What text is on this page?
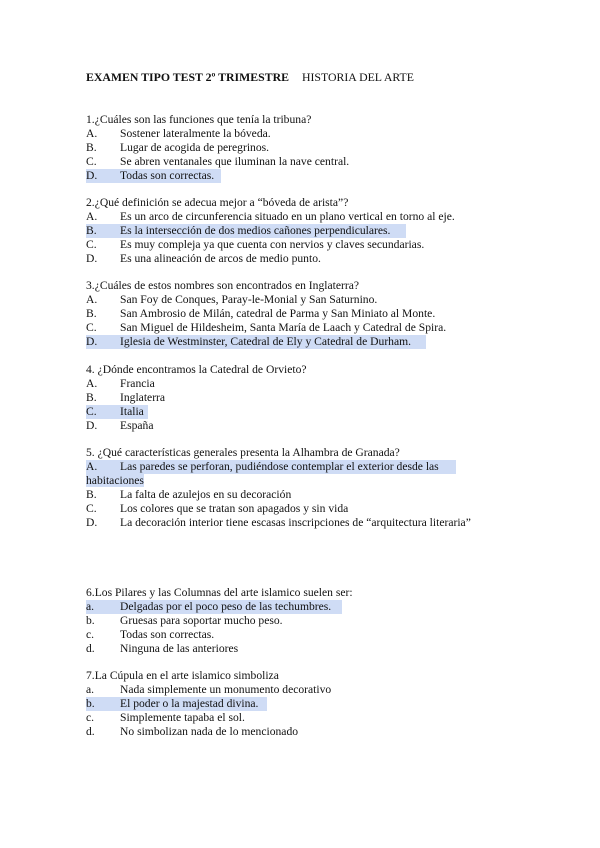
EXAMEN TIPO TEST 2º TRIMESTRE HISTORIA DEL ARTE
1.¿Cuáles son las funciones que tenía la tribuna?
A. Sostener lateralmente la bóveda.
B. Lugar de acogida de peregrinos.
C. Se abren ventanales que iluminan la nave central.
D. Todas son correctas.
2.¿Qué definición se adecua mejor a “bóveda de arista”?
A. Es un arco de circunferencia situado en un plano vertical en torno al eje.
B. Es la intersección de dos medios cañones perpendiculares.
C. Es muy compleja ya que cuenta con nervios y claves secundarias.
D. Es una alineación de arcos de medio punto.
3.¿Cuáles de estos nombres son encontrados en Inglaterra?
A. San Foy de Conques, Paray-le-Monial y San Saturnino.
B. San Ambrosio de Milán, catedral de Parma y San Miniato al Monte.
C. San Miguel de Hildesheim, Santa María de Laach y Catedral de Spira.
D. Iglesia de Westminster, Catedral de Ely y Catedral de Durham.
4. ¿Dónde encontramos la Catedral de Orvieto?
A. Francia
B. Inglaterra
C. Italia
D. España
5. ¿Qué características generales presenta la Alhambra de Granada?
A. Las paredes se perforan, pudiéndose contemplar el exterior desde las
habitaciones
B. La falta de azulejos en su decoración
C. Los colores que se tratan son apagados y sin vida
D. La decoración interior tiene escasas inscripciones de “arquitectura literaria”
6.Los Pilares y las Columnas del arte islamico suelen ser:
a. Delgadas por el poco peso de las techumbres.
b. Gruesas para soportar mucho peso.
c. Todas son correctas.
d. Ninguna de las anteriores
7.La Cúpula en el arte islamico simboliza
a. Nada simplemente un monumento decorativo
b. El poder o la majestad divina.
c. Simplemente tapaba el sol.
d. No simbolizan nada de lo mencionado
